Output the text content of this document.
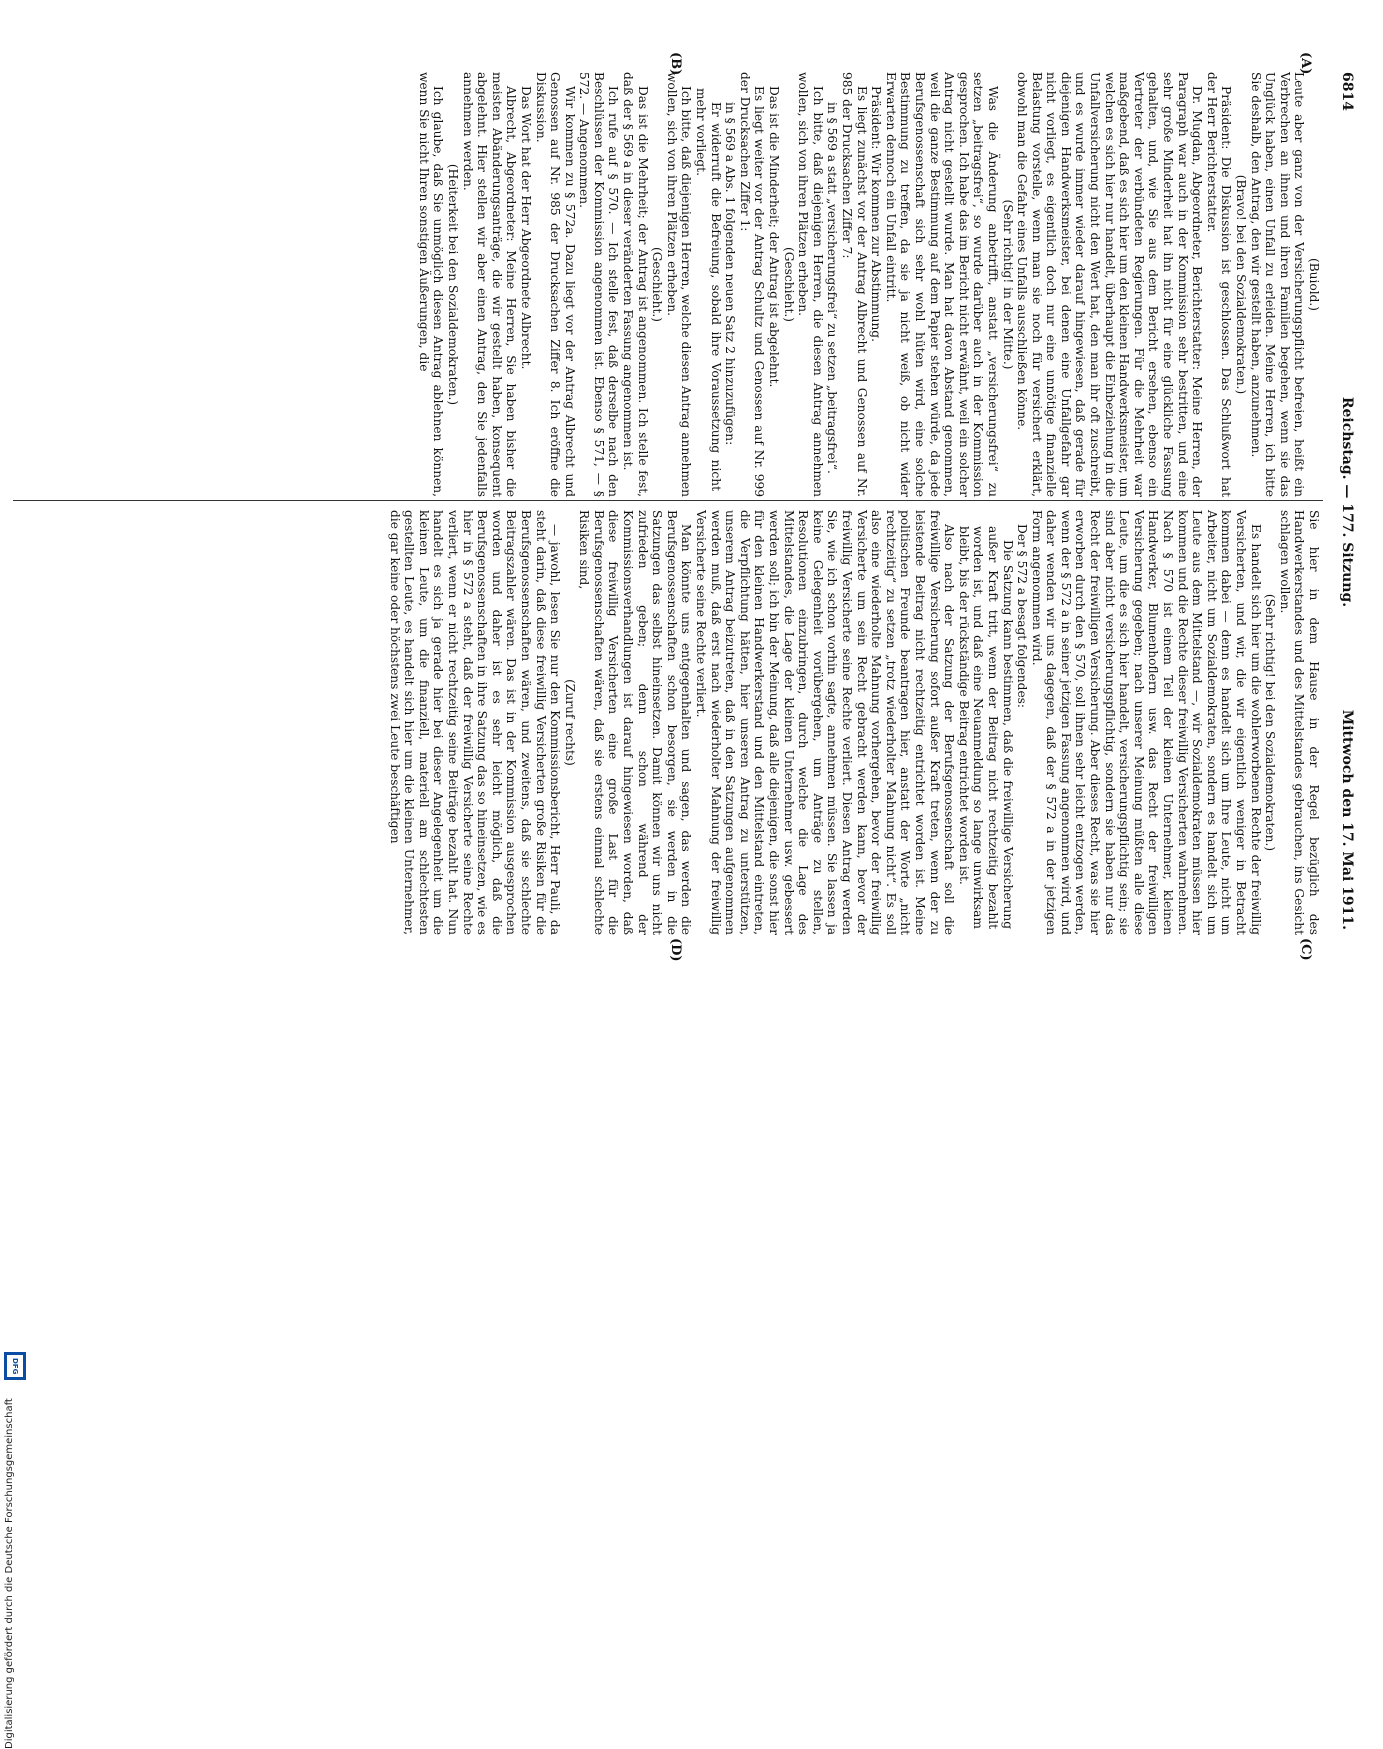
6814
Reichstag. — 177. Sitzung.
Mittwoch den 17. Mai 1911.
(A)
(B)
(C)
(D)

(Buiold.)

Leute aber ganz von der Versicherungspflicht befreien, heißt ein Verbrechen an ihnen und ihren Familien begehen, wenn sie das Unglück haben, einen Unfall zu erleiden. Meine Herren, ich bitte Sie deshalb, den Antrag, den wir gestellt haben, anzunehmen.

(Bravo! bei den Sozialdemokraten.)

Präsident: Die Diskussion ist geschlossen. Das Schlußwort hat der Herr Berichterstatter.

Dr. Mugdan, Abgeordneter, Berichterstatter: Meine Herren, der Paragraph war auch in der Kommission sehr bestritten, und eine sehr große Minderheit hat ihn nicht für eine glückliche Fassung gehalten, und, wie Sie aus dem Bericht ersehen, ebenso ein Vertreter der verbündeten Regierungen. Für die Mehrheit war maßgebend, daß es sich hier um den kleinen Handwerksmeister, um welchen es sich hier nur handelt, überhaupt die Einbeziehung in die Unfallversicherung nicht den Wert hat, den man ihr oft zuschreibt, und es wurde immer wieder darauf hingewiesen, daß gerade für diejenigen Handwerksmeister, bei denen eine Unfallgefahr gar nicht vorliegt, es eigentlich doch nur eine unnötige finanzielle Belastung vorstelle, wenn man sie noch für versichert erklärt, obwohl man die Gefahr eines Unfalls ausschließen könne.

(Sehr richtig! in der Mitte.)

Was die Änderung anbetrifft, anstatt „versicherungsfrei“ zu setzen „beitragsfrei“, so wurde darüber auch in der Kommission gesprochen. Ich habe das im Bericht nicht erwähnt, weil ein solcher Antrag nicht gestellt wurde. Man hat davon Abstand genommen, weil die ganze Bestimmung auf dem Papier stehen würde, da jede Berufsgenossenschaft sich sehr wohl hüten wird, eine solche Bestimmung zu treffen, da sie ja nicht weiß, ob nicht wider Erwarten dennoch ein Unfall eintritt.

Präsident: Wir kommen zur Abstimmung.

Es liegt zunächst vor der Antrag Albrecht und Genossen auf Nr. 985 der Drucksachen Ziffer 7:

in § 569 a statt „versicherungsfrei“ zu setzen „beitragsfrei“.

Ich bitte, daß diejenigen Herren, die diesen Antrag annehmen wollen, sich von ihren Plätzen erheben.

(Geschieht.)

Das ist die Minderheit; der Antrag ist abgelehnt.

Es liegt weiter vor der Antrag Schultz und Genossen auf Nr. 999 der Drucksachen Ziffer 1:

in § 569 a Abs. 1 folgenden neuen Satz 2 hinzuzufügen:

Er widerruft die Befreiung, sobald ihre Voraussetzung nicht mehr vorliegt.

Ich bitte, daß diejenigen Herren, welche diesen Antrag annehmen wollen, sich von ihren Plätzen erheben.

(Geschieht.)

Das ist die Mehrheit; der Antrag ist angenommen. Ich stelle fest, daß der § 569 a in dieser veränderten Fassung angenommen ist.

Ich rufe auf § 570. — Ich stelle fest, daß derselbe nach den Beschlüssen der Kommission angenommen ist. Ebenso § 571, — § 572. — Angenommen.

Wir kommen zu § 572a. Dazu liegt vor der Antrag Albrecht und Genossen auf Nr. 985 der Drucksachen Ziffer 8. Ich eröffne die Diskussion.

Das Wort hat der Herr Abgeordnete Albrecht.

Albrecht, Abgeordneter: Meine Herren, Sie haben bisher die meisten Abänderungsanträge, die wir gestellt haben, konsequent abgelehnt. Hier stellen wir aber einen Antrag, den Sie jedenfalls annehmen werden.

(Heiterkeit bei den Sozialdemokraten.)

Ich glaube, daß Sie unmöglich diesen Antrag ablehnen können, wenn Sie nicht Ihren sonstigen Äußerungen, die

Sie hier in dem Hause in der Regel bezüglich des Handwerkerstandes und des Mittelstandes gebrauchen, ins Gesicht schlagen wollen.

(Sehr richtig! bei den Sozialdemokraten.)

Es handelt sich hier um die wohlerworbenen Rechte der freiwillig Versicherten, und wir, die wir eigentlich weniger in Betracht kommen dabei — denn es handelt sich um Ihre Leute, nicht um Arbeiter, nicht um Sozialdemokraten, sondern es handelt sich um Leute aus dem Mittelstand —, wir Sozialdemokraten müssen hier kommen und die Rechte dieser freiwillig Versicherten wahrnehmen. Nach § 570 ist einem Teil der kleinen Unternehmer, kleinen Handwerker, Blumenhoflern usw. das Recht der freiwilligen Versicherung gegeben; nach unserer Meinung müßten alle diese Leute, um die es sich hier handelt, versicherungspflichtig sein; sie sind aber nicht versicherungspflichtig, sondern sie haben nur das Recht der freiwilligen Versicherung. Aber dieses Recht, was sie hier erworben durch den § 570, soll ihnen sehr leicht entzogen werden, wenn der § 572 a in seiner jetzigen Fassung angenommen wird, und daher wenden wir uns dagegen, daß der § 572 a in der jetzigen Form angenommen wird.

Der § 572 a besagt folgendes:

Die Satzung kann bestimmen, daß die freiwillige Versicherung außer Kraft tritt, wenn der Beitrag nicht rechtzeitig bezahlt worden ist, und daß eine Neuanmeldung so lange unwirksam bleibt, bis der rückständige Beitrag entrichtet worden ist.

Also nach der Satzung der Berufsgenossenschaft soll die freiwillige Versicherung sofort außer Kraft treten, wenn der zu leistende Beitrag nicht rechtzeitig entrichtet worden ist. Meine politischen Freunde beantragen hier, anstatt der Worte „nicht rechtzeitig“ zu setzen „trotz wiederholter Mahnung nicht“. Es soll also eine wiederholte Mahnung vorhergehen, bevor der freiwillig Versicherte um sein Recht gebracht werden kann, bevor der freiwillig Versicherte seine Rechte verliert. Diesen Antrag werden Sie, wie ich schon vorhin sagte, annehmen müssen. Sie lassen ja keine Gelegenheit vorübergehen, um Anträge zu stellen, Resolutionen einzubringen, durch welche die Lage des Mittelstandes, die Lage der kleinen Unternehmer usw. gebessert werden soll; ich bin der Meinung, daß alle diejenigen, die sonst hier für den kleinen Handwerkerstand und den Mittelstand eintreten, die Verpflichtung hätten, hier unseren Antrag zu unterstützen, unserem Antrag beizutreten, daß in den Satzungen aufgenommen werden muß, daß erst nach wiederholter Mahnung der freiwillig Versicherte seine Rechte verliert.

Man könnte uns entgegenhalten und sagen, das werden die Berufsgenossenschaften schon besorgen, sie werden in die Satzungen das selbst hineinsetzen. Damit können wir uns nicht zufrieden geben; denn schon während der Kommissionsverhandlungen ist darauf hingewiesen worden, daß diese freiwillig Versicherten eine große Last für die Berufsgenossenschaften wären, daß sie erstens einmal schlechte Risiken sind,

(Zuruf rechts)

— jawohl, lesen Sie nur den Kommissionsbericht, Herr Pauli, da steht darin, daß diese freiwillig Versicherten große Risiken für die Berufsgenossenschaften wären, und zweitens, daß sie schlechte Beitragszahler wären. Das ist in der Kommission ausgesprochen worden und daher ist es sehr leicht möglich, daß die Berufsgenossenschaften in ihre Satzung das so hineinsetzen, wie es hier in § 572 a steht, daß der freiwillig Versicherte seine Rechte verliert, wenn er nicht rechtzeitig seine Beiträge bezahlt hat. Nun handelt es sich ja gerade hier bei dieser Angelegenheit um die kleinen Leute, um die finanziell, materiell am schlechtesten gestellten Leute, es handelt sich hier um die kleinen Unternehmer, die gar keine oder höchstens zwei Leute beschäftigen

Digitalisierung gefördert durch die Deutsche Forschungsgemeinschaft
DFG
